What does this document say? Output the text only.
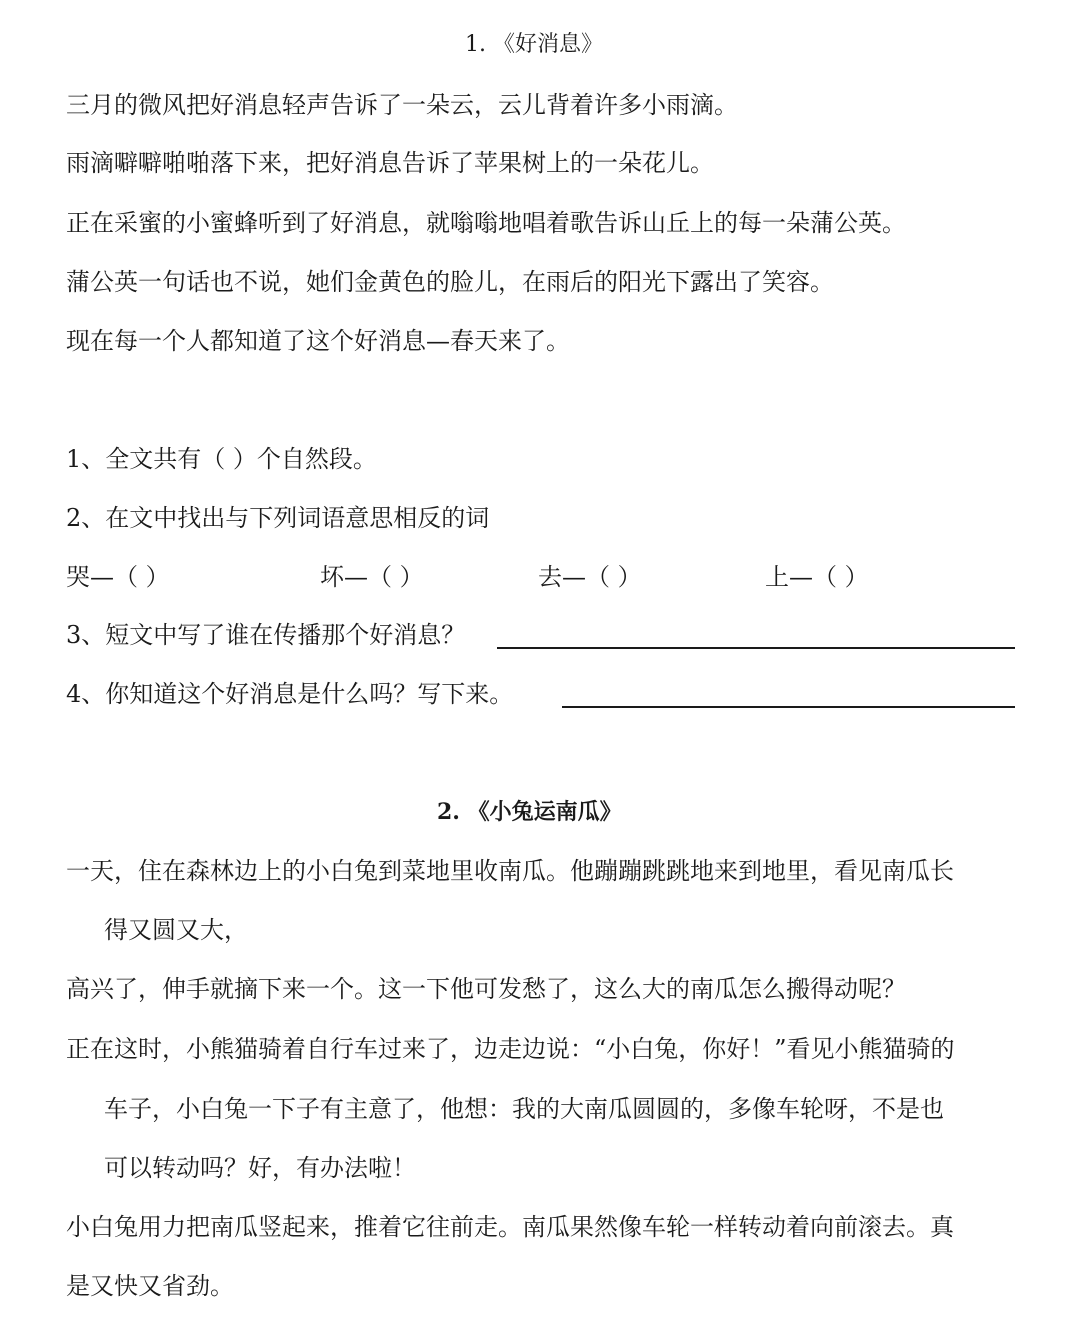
1. 《好消息》
三月的微风把好消息轻声告诉了一朵云，云儿背着许多小雨滴。
雨滴噼噼啪啪落下来，把好消息告诉了苹果树上的一朵花儿。
正在采蜜的小蜜蜂听到了好消息，就嗡嗡地唱着歌告诉山丘上的每一朵蒲公英。
蒲公英一句话也不说，她们金黄色的脸儿，在雨后的阳光下露出了笑容。
现在每一个人都知道了这个好消息—春天来了。
1、全文共有（ ）个自然段。
2、在文中找出与下列词语意思相反的词
哭—（ ）	坏—（ ）	去—（ ）	上—（ ）
3、短文中写了谁在传播那个好消息？
4、你知道这个好消息是什么吗？写下来。
2. 《小兔运南瓜》
一天，住在森林边上的小白兔到菜地里收南瓜。他蹦蹦跳跳地来到地里，看见南瓜长
得又圆又大，
高兴了，伸手就摘下来一个。这一下他可发愁了，这么大的南瓜怎么搬得动呢？
正在这时，小熊猫骑着自行车过来了，边走边说：“小白兔，你好！”看见小熊猫骑的
车子，小白兔一下子有主意了，他想：我的大南瓜圆圆的，多像车轮呀，不是也
可以转动吗？好，有办法啦！
小白兔用力把南瓜竖起来，推着它往前走。南瓜果然像车轮一样转动着向前滚去。真
是又快又省劲。
